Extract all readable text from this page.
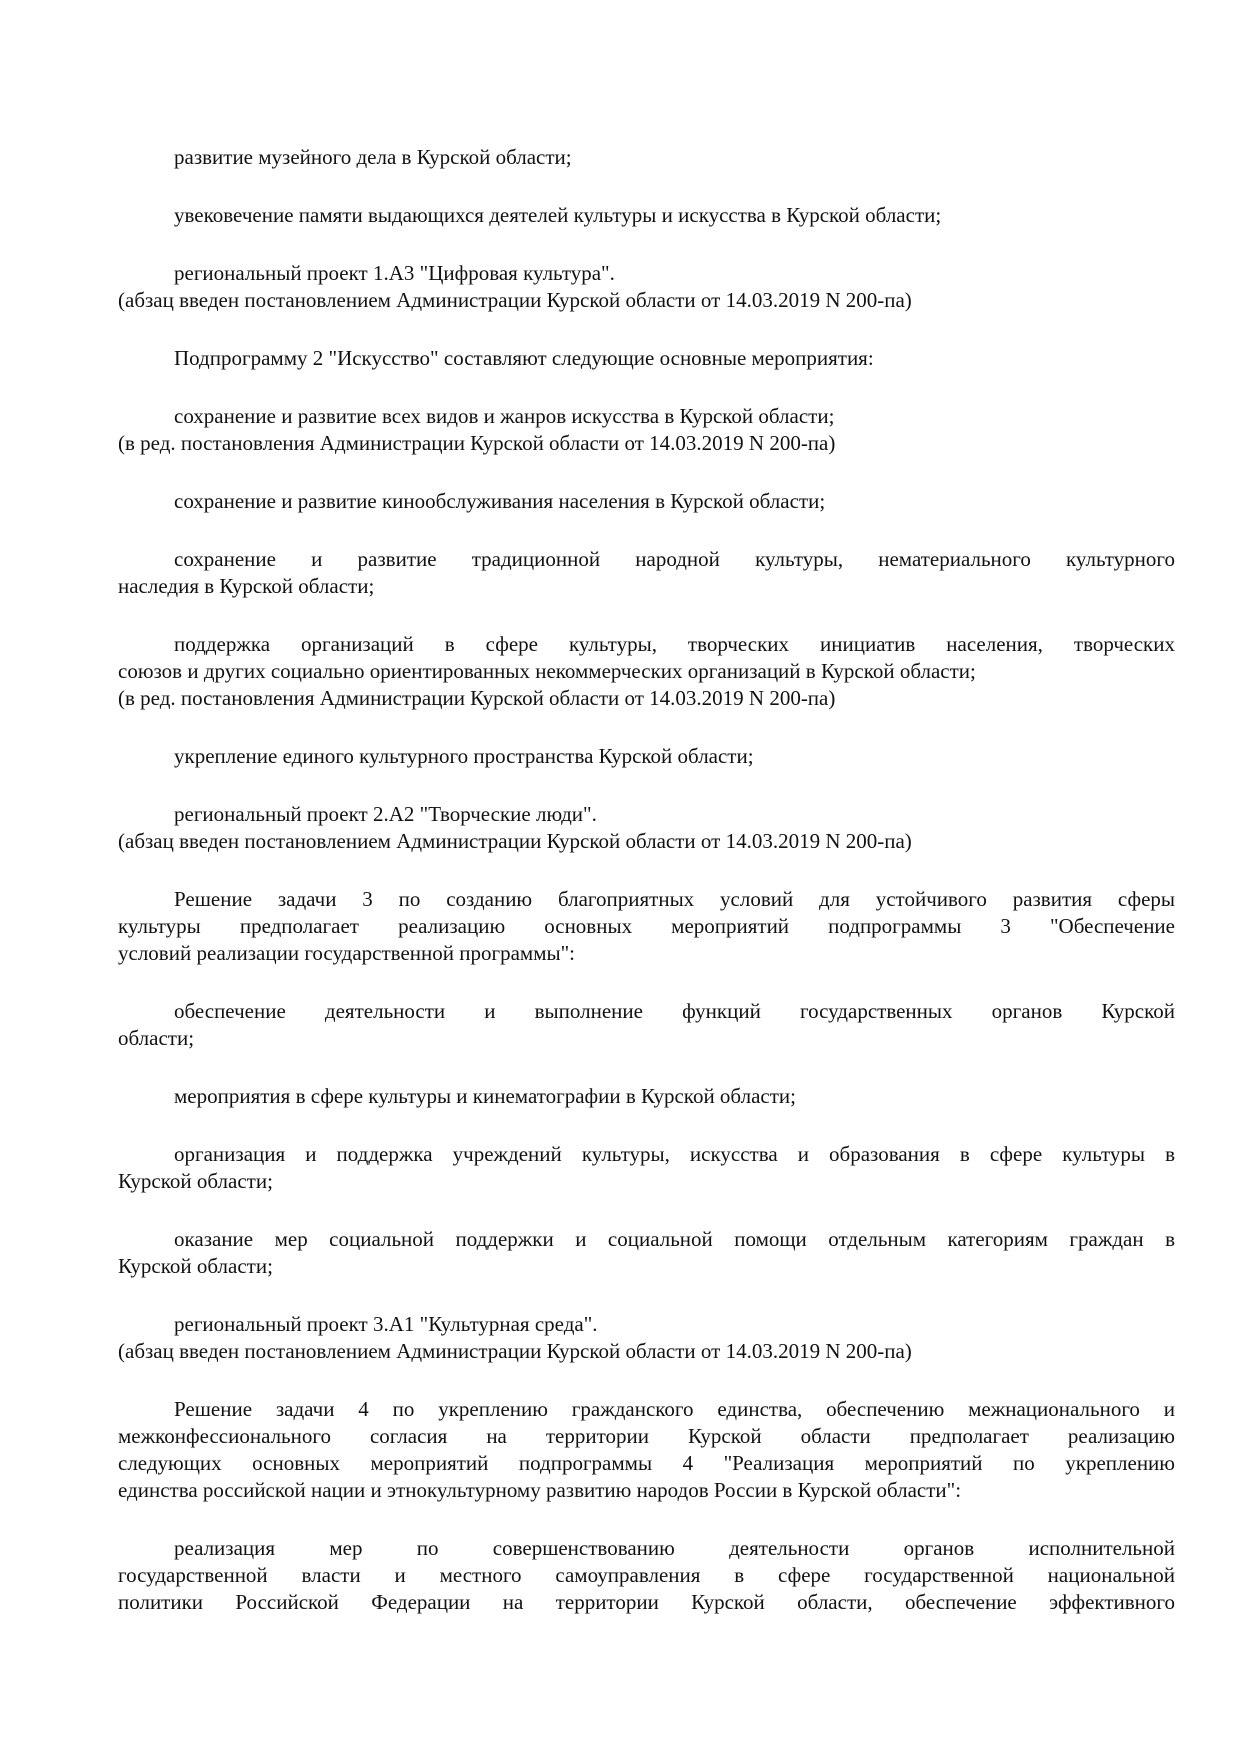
развитие музейного дела в Курской области;
увековечение памяти выдающихся деятелей культуры и искусства в Курской области;
региональный проект 1.A3 "Цифровая культура".
(абзац введен постановлением Администрации Курской области от 14.03.2019 N 200-па)
Подпрограмму 2 "Искусство" составляют следующие основные мероприятия:
сохранение и развитие всех видов и жанров искусства в Курской области;
(в ред. постановления Администрации Курской области от 14.03.2019 N 200-па)
сохранение и развитие кинообслуживания населения в Курской области;
сохранение и развитие традиционной народной культуры, нематериального культурного
наследия в Курской области;
поддержка организаций в сфере культуры, творческих инициатив населения, творческих
союзов и других социально ориентированных некоммерческих организаций в Курской области;
(в ред. постановления Администрации Курской области от 14.03.2019 N 200-па)
укрепление единого культурного пространства Курской области;
региональный проект 2.A2 "Творческие люди".
(абзац введен постановлением Администрации Курской области от 14.03.2019 N 200-па)
Решение задачи 3 по созданию благоприятных условий для устойчивого развития сферы
культуры предполагает реализацию основных мероприятий подпрограммы 3 "Обеспечение
условий реализации государственной программы":
обеспечение деятельности и выполнение функций государственных органов Курской
области;
мероприятия в сфере культуры и кинематографии в Курской области;
организация и поддержка учреждений культуры, искусства и образования в сфере культуры в
Курской области;
оказание мер социальной поддержки и социальной помощи отдельным категориям граждан в
Курской области;
региональный проект 3.A1 "Культурная среда".
(абзац введен постановлением Администрации Курской области от 14.03.2019 N 200-па)
Решение задачи 4 по укреплению гражданского единства, обеспечению межнационального и
межконфессионального согласия на территории Курской области предполагает реализацию
следующих основных мероприятий подпрограммы 4 "Реализация мероприятий по укреплению
единства российской нации и этнокультурному развитию народов России в Курской области":
реализация мер по совершенствованию деятельности органов исполнительной
государственной власти и местного самоуправления в сфере государственной национальной
политики Российской Федерации на территории Курской области, обеспечение эффективного
